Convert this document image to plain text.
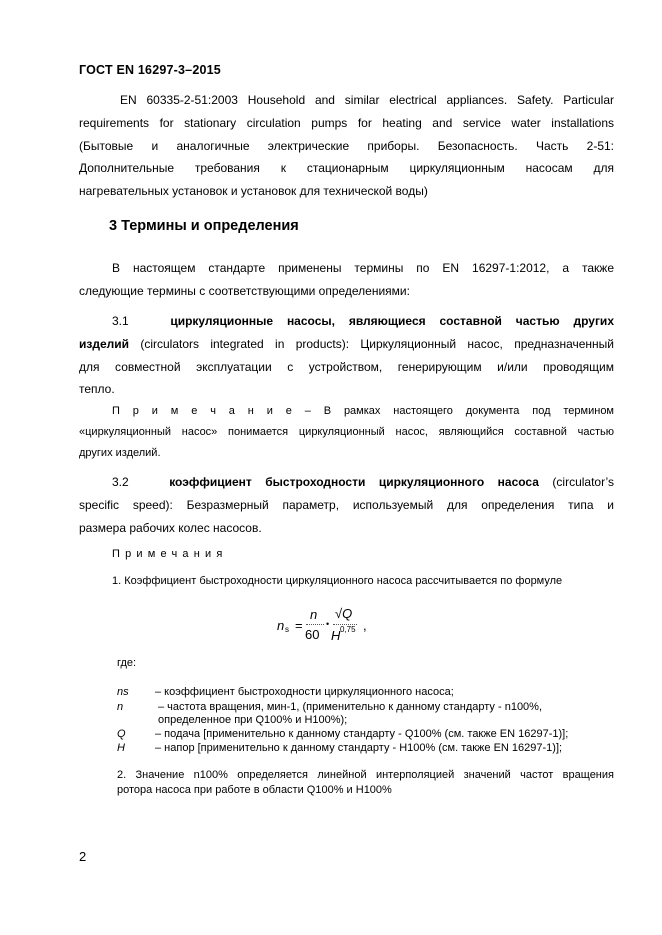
ГОСТ EN 16297-3–2015
EN 60335-2-51:2003 Household and similar electrical appliances. Safety. Particular
requirements for stationary circulation pumps for heating and service water installations
(Бытовые и аналогичные электрические приборы. Безопасность. Часть 2-51:
Дополнительные требования к стационарным циркуляционным насосам для
нагревательных установок и установок для технической воды)
3 Термины и определения
В настоящем стандарте применены термины по EN 16297-1:2012, а также
следующие термины с соответствующими определениями:
3.1	циркуляционные насосы, являющиеся составной частью других
изделий (circulators integrated in products): Циркуляционный насос, предназначенный
для совместной эксплуатации с устройством, генерирующим и/или проводящим
тепло.
П р и м е ч а н и е – В рамках настоящего документа под термином
«циркуляционный насос» понимается циркуляционный насос, являющийся составной частью
других изделий.
3.2	коэффициент быстроходности циркуляционного насоса (circulator’s
specific speed): Безразмерный параметр, используемый для определения типа и
размера рабочих колес насосов.
Примечания
1. Коэффициент быстроходности циркуляционного насоса рассчитывается по формуле
n s =
n
60
•
√Q
H 0,75 ,
где:
ns – коэффициент быстроходности циркуляционного насоса;
n	– частота вращения, мин-1, (применительно к данному стандарту - n100%,
определенное при Q100% и H100%);
Q	– подача [применительно к данному стандарту - Q100% (см. также EN 16297-1)];
H	– напор [применительно к данному стандарту - H100% (см. также EN 16297-1)];
2. Значение n100% определяется линейной интерполяцией значений частот вращения
ротора насоса при работе в области Q100% и H100%
2
